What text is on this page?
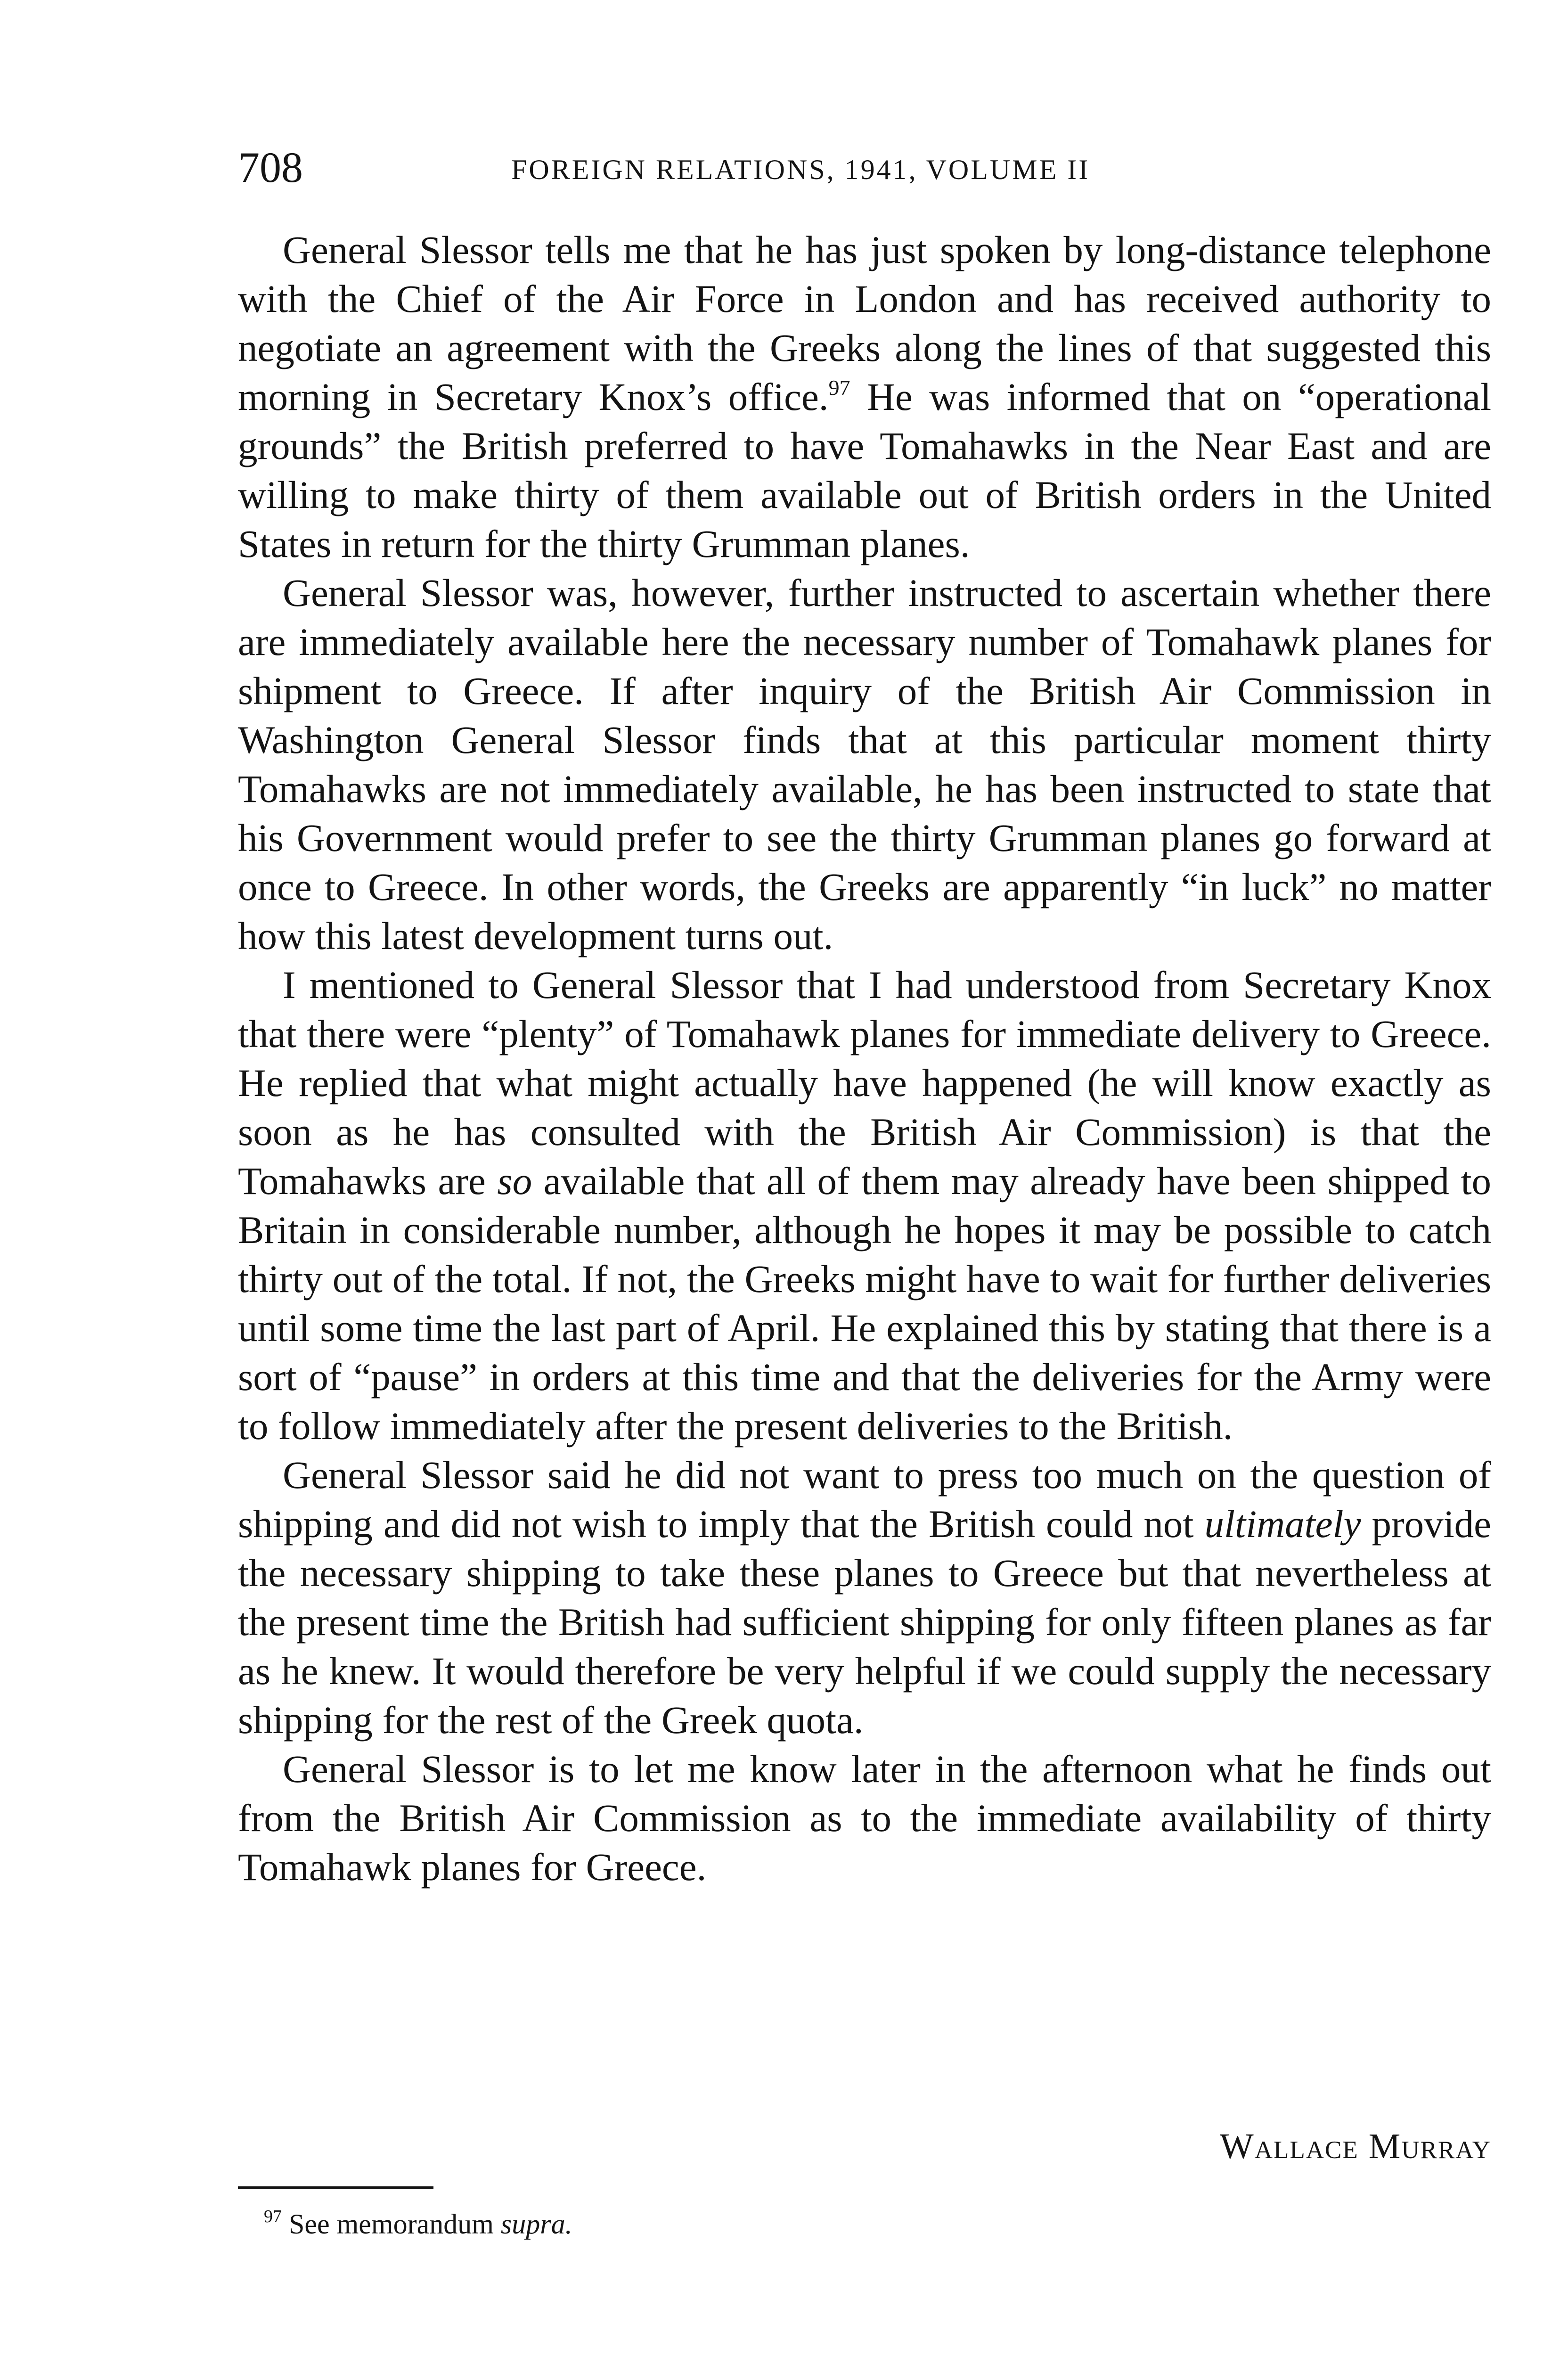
708	FOREIGN RELATIONS, 1941, VOLUME II

General Slessor tells me that he has just spoken by long-distance telephone with the Chief of the Air Force in London and has received authority to negotiate an agreement with the Greeks along the lines of that suggested this morning in Secretary Knox’s office.$^{97}$ He was informed that on “operational grounds” the British preferred to have Tomahawks in the Near East and are willing to make thirty of them available out of British orders in the United States in return for the thirty Grumman planes.

General Slessor was, however, further instructed to ascertain whether there are immediately available here the necessary number of Tomahawk planes for shipment to Greece. If after inquiry of the British Air Commission in Washington General Slessor finds that at this particular moment thirty Tomahawks are not immediately available, he has been instructed to state that his Government would prefer to see the thirty Grumman planes go forward at once to Greece. In other words, the Greeks are apparently “in luck” no matter how this latest development turns out.

I mentioned to General Slessor that I had understood from Secretary Knox that there were “plenty” of Tomahawk planes for immediate delivery to Greece. He replied that what might actually have happened (he will know exactly as soon as he has consulted with the British Air Commission) is that the Tomahawks are so available that all of them may already have been shipped to Britain in considerable number, although he hopes it may be possible to catch thirty out of the total. If not, the Greeks might have to wait for further deliveries until some time the last part of April. He explained this by stating that there is a sort of “pause” in orders at this time and that the deliveries for the Army were to follow immediately after the present deliveries to the British.

General Slessor said he did not want to press too much on the question of shipping and did not wish to imply that the British could not ultimately provide the necessary shipping to take these planes to Greece but that nevertheless at the present time the British had sufficient shipping for only fifteen planes as far as he knew. It would therefore be very helpful if we could supply the necessary shipping for the rest of the Greek quota.

General Slessor is to let me know later in the afternoon what he finds out from the British Air Commission as to the immediate availability of thirty Tomahawk planes for Greece.

Wallace Murray
$^{97}$ See memorandum supra.
